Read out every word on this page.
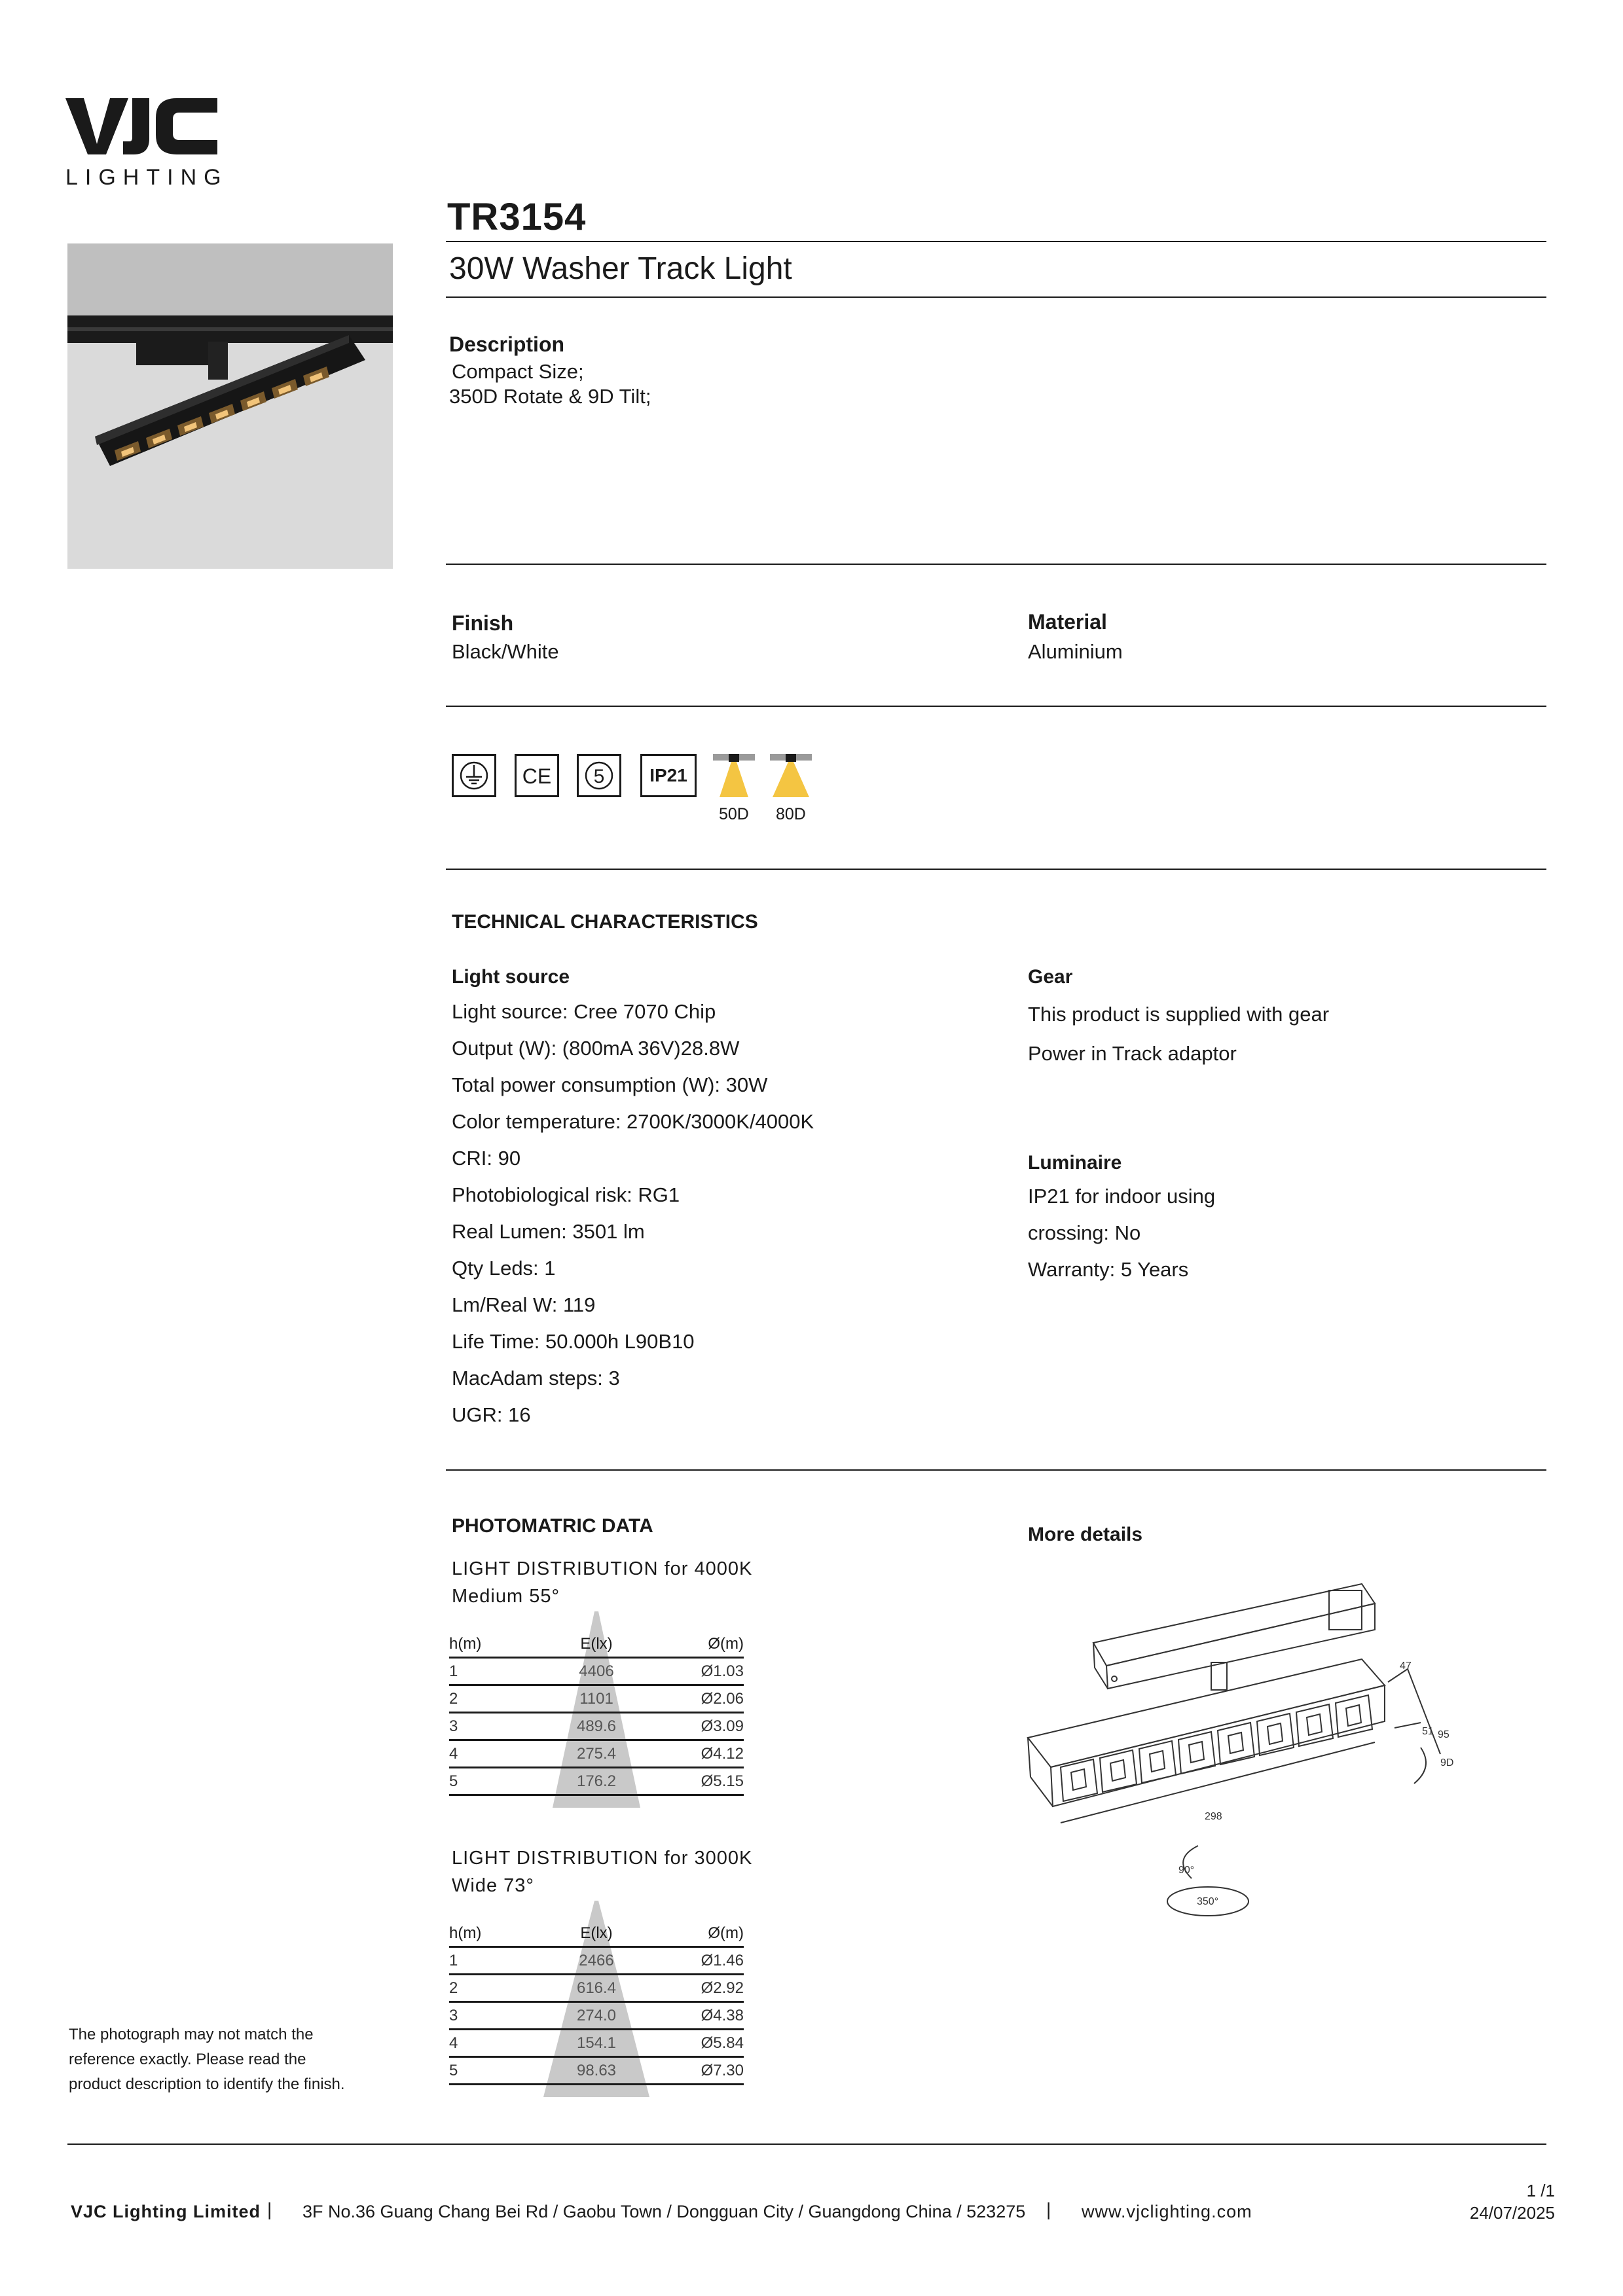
LIGHTING
TR3154
30W Washer Track Light
Description
Compact Size;
350D Rotate & 9D Tilt;
Finish
Black/White
Material
Aluminium
CE 5	IP21
50D 80D
TECHNICAL CHARACTERISTICS
Light source
Light source: Cree 7070 Chip
Output (W): (800mA 36V)28.8W
Total power consumption (W): 30W
Color temperature: 2700K/3000K/4000K
CRI: 90
Photobiological risk: RG1
Real Lumen: 3501 lm
Qty Leds: 1
Lm/Real W: 119
Life Time: 50.000h L90B10
MacAdam steps: 3
UGR: 16
Gear
This product is supplied with gear
Power in Track adaptor
Luminaire
IP21 for indoor using
crossing: No
Warranty: 5 Years
PHOTOMATRIC DATA	More details
LIGHT DISTRIBUTION for 4000K
Medium 55°
h(m)	E(lx)	Ø(m)
1	4406	Ø1.03
2	1101	Ø2.06
3	489.6	Ø3.09
4	275.4	Ø4.12
5	176.2	Ø5.15
LIGHT DISTRIBUTION for 3000K
Wide 73°
h(m)	E(lx)	Ø(m)
1	2466	Ø1.46
2	616.4	Ø2.92
3	274.0	Ø4.38
4	154.1	Ø5.84
5	98.63	Ø7.30
47
51 95
298
90°
350°
9D
The photograph may not match the
reference exactly. Please read the
product description to identify the finish.
VJC Lighting Limited | 3F No.36 Guang Chang Bei Rd / Gaobu Town / Dongguan City / Guangdong China / 523275 | www.vjclighting.com
1 /1
24/07/2025
